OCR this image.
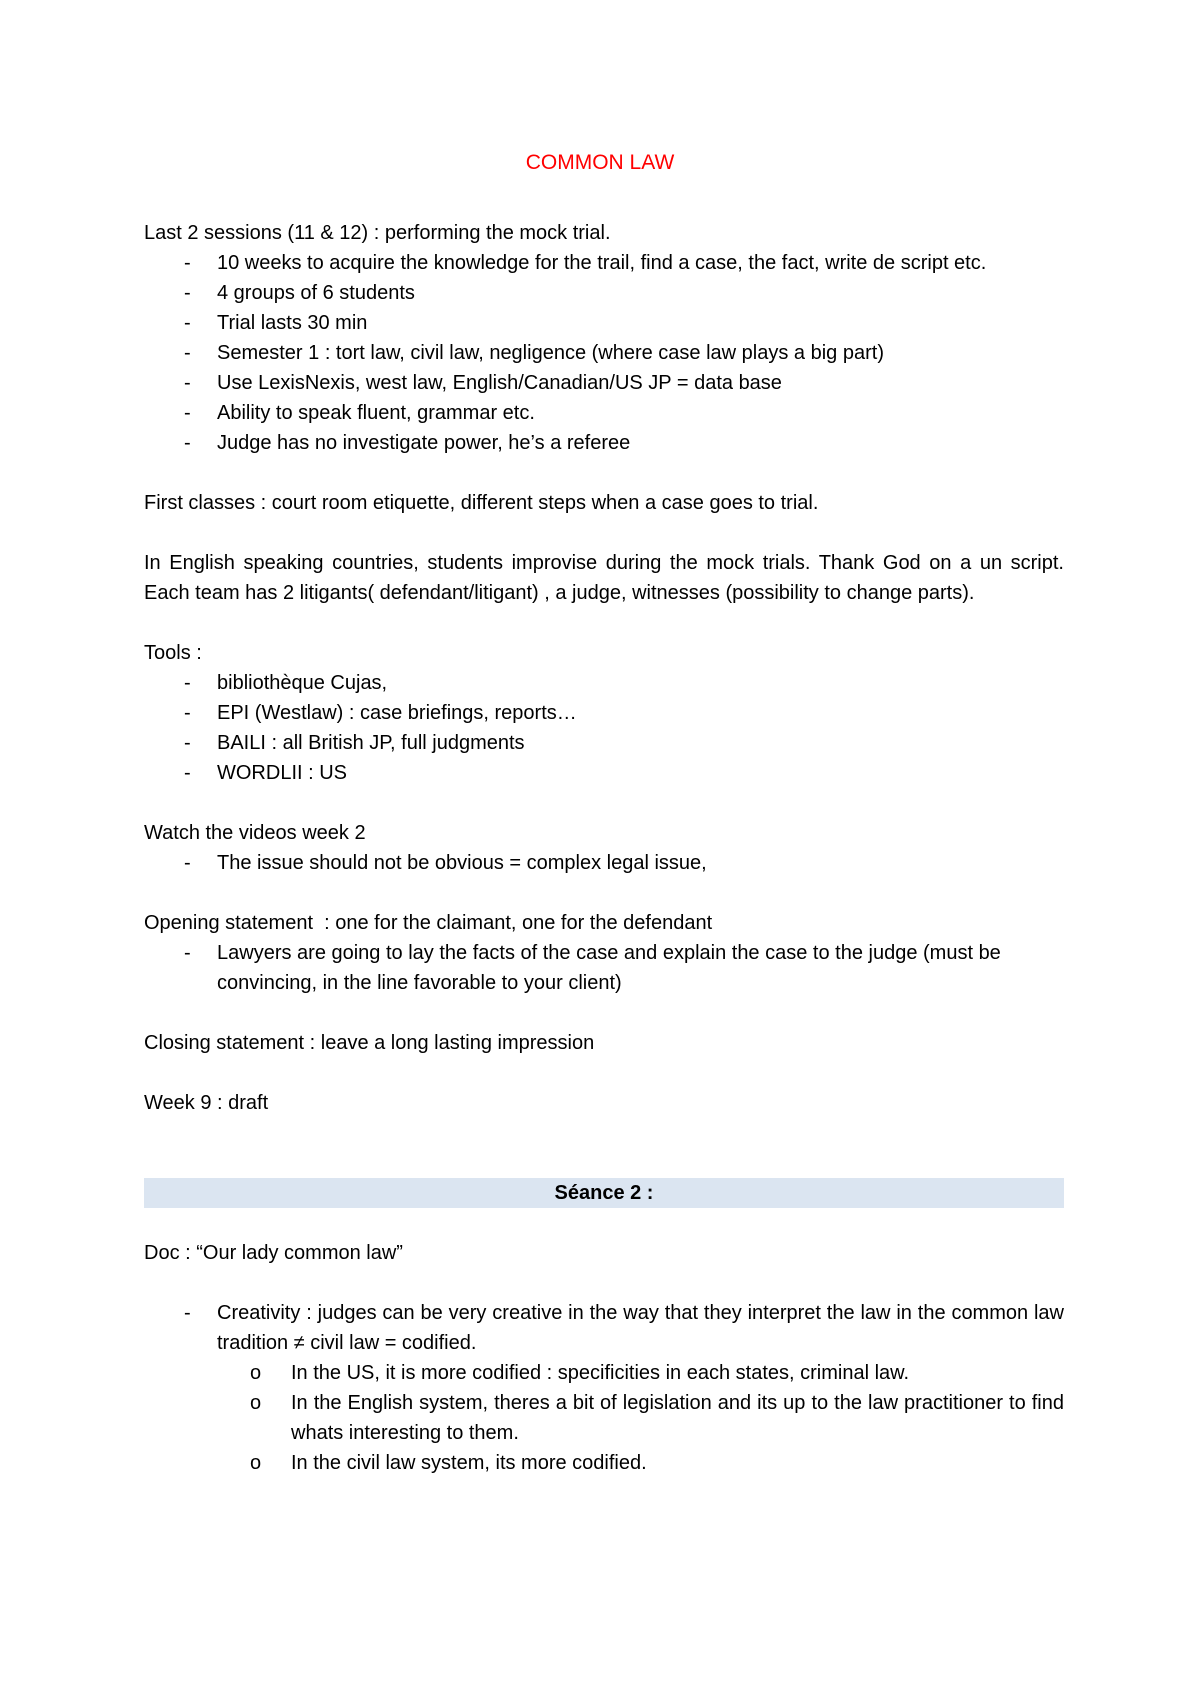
COMMON LAW

Last 2 sessions (11 & 12) : performing the mock trial.

- 10 weeks to acquire the knowledge for the trail, find a case, the fact, write de script etc.
- 4 groups of 6 students
- Trial lasts 30 min
- Semester 1 : tort law, civil law, negligence (where case law plays a big part)
- Use LexisNexis, west law, English/Canadian/US JP = data base
- Ability to speak fluent, grammar etc.
- Judge has no investigate power, he’s a referee

First classes : court room etiquette, different steps when a case goes to trial.

In English speaking countries, students improvise during the mock trials. Thank God on a un script. Each team has 2 litigants( defendant/litigant) , a judge, witnesses (possibility to change parts).

Tools :

- bibliothèque Cujas,
- EPI (Westlaw) : case briefings, reports…
- BAILI : all British JP, full judgments
- WORDLII : US

Watch the videos week 2

- The issue should not be obvious = complex legal issue,

Opening statement  : one for the claimant, one for the defendant

- Lawyers are going to lay the facts of the case and explain the case to the judge (must be convincing, in the line favorable to your client)

Closing statement : leave a long lasting impression

Week 9 : draft

Séance 2 :

Doc : “Our lady common law”

- Creativity : judges can be very creative in the way that they interpret the law in the common law tradition ≠ civil law = codified.
o In the US, it is more codified : specificities in each states, criminal law.
o In the English system, theres a bit of legislation and its up to the law practitioner to find whats interesting to them.
o In the civil law system, its more codified.
